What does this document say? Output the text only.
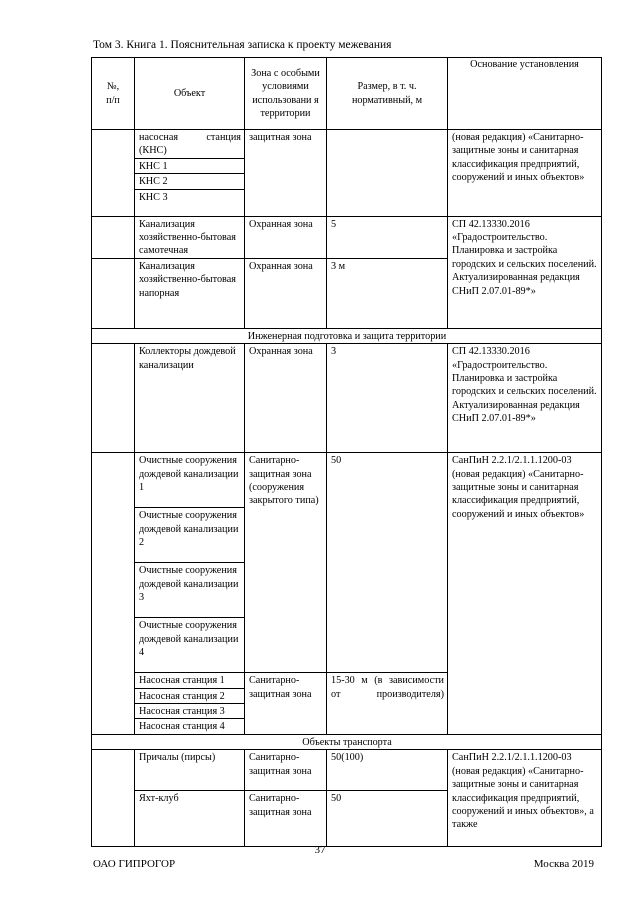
Том 3. Книга 1. Пояснительная записка к проекту межевания
№,
п/п	Объект	Зона с особыми условиями использовани я территории	Размер, в т. ч. нормативный, м	Основание установления
	насосная станция (КНС)	защитная зона		(новая редакция) «Санитарно-защитные зоны и санитарная классификация предприятий, сооружений и иных объектов»
	КНС 1			
	КНС 2			
	КНС 3			
	Канализация хозяйственно-бытовая самотечная	Охранная зона	5	СП 42.13330.2016 «Градостроительство. Планировка и застройка городских и сельских поселений. Актуализированная редакция СНиП 2.07.01-89*»
	Канализация хозяйственно-бытовая напорная	Охранная зона	3 м	
Инженерная подготовка и защита территории				
	Коллекторы дождевой канализации	Охранная зона	3	СП 42.13330.2016 «Градостроительство. Планировка и застройка городских и сельских поселений. Актуализированная редакция СНиП 2.07.01-89*»
	Очистные сооружения дождевой канализации 1	Санитарно-защитная зона (сооружения закрытого типа)	50	СанПиН 2.2.1/2.1.1.1200-03 (новая редакция) «Санитарно-защитные зоны и санитарная классификация предприятий, сооружений и иных объектов»
	Очистные сооружения дождевой канализации 2			
	Очистные сооружения дождевой канализации 3			
	Очистные сооружения дождевой канализации 4			
	Насосная станция 1	Санитарно-защитная зона	15-30 м (в зависимости от производителя)	
	Насосная станция 2			
	Насосная станция 3			
	Насосная станция 4			
Объекты транспорта				
	Причалы (пирсы)	Санитарно-защитная зона	50(100)	СанПиН 2.2.1/2.1.1.1200-03 (новая редакция) «Санитарно-защитные зоны и санитарная классификация предприятий, сооружений и иных объектов», а также
	Яхт-клуб	Санитарно-защитная зона	50	
37
ОАО ГИПРОГОР	Москва 2019
